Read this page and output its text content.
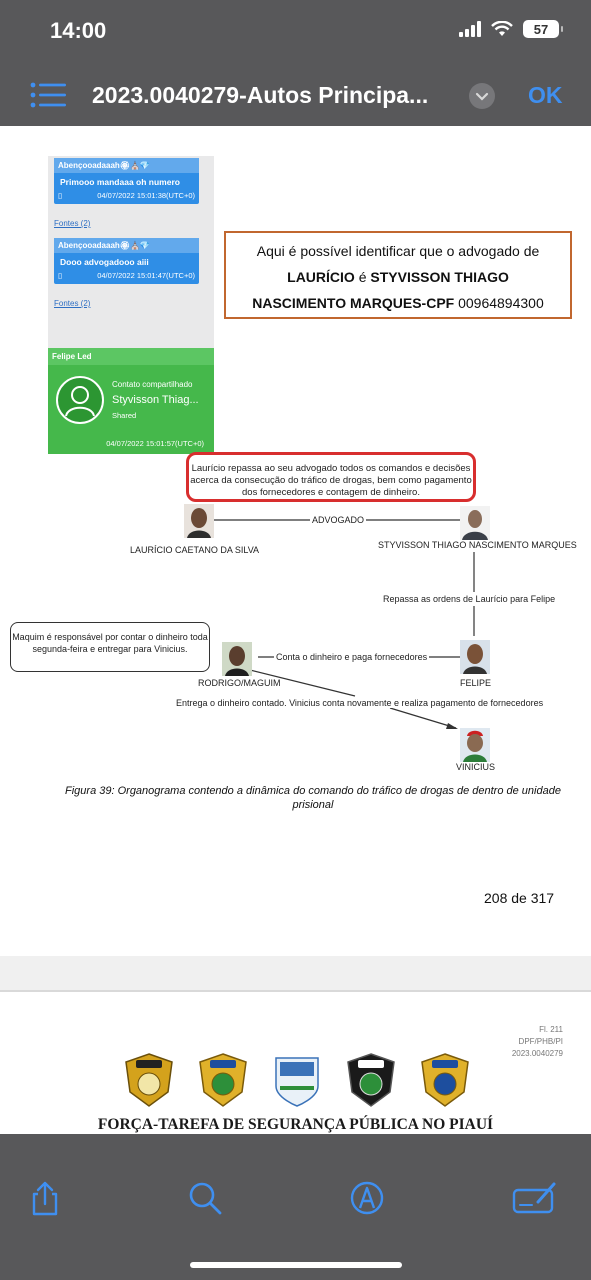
14:00	57
2023.0040279-Autos Principa...	OK
Abençooadaaah🏵⛪💎
Primooo mandaaa oh numero
▯	04/07/2022 15:01:38(UTC+0)
Fontes (2)
Abençooadaaah🏵⛪💎
Dooo advogadooo aiii
▯	04/07/2022 15:01:47(UTC+0)
Fontes (2)
Felipe Led
Contato compartilhado
Styvisson Thiag...
Shared
04/07/2022 15:01:57(UTC+0)
Aqui é possível identificar que o advogado de
LAURÍCIO é STYVISSON THIAGO
NASCIMENTO MARQUES-CPF 00964894300
Laurício repassa ao seu advogado todos os comandos e decisões acerca da consecução do tráfico de drogas, bem como pagamento dos fornecedores e contagem de dinheiro.
Maquim é responsável por contar o dinheiro toda segunda-feira e entregar para Vinicius.
LAURÍCIO CAETANO DA SILVA	STYVISSON THIAGO NASCIMENTO MARQUES
ADVOGADO
Repassa as ordens de Laurício para Felipe
Conta o dinheiro e paga fornecedores
RODRIGO/MAGUIM	FELIPE
Entrega o dinheiro contado. Vinicius conta novamente e realiza pagamento de fornecedores
VINICIUS
Figura 39: Organograma contendo a dinâmica do comando do tráfico de drogas de dentro de unidade prisional
208 de 317
Fl. 211
DPF/PHB/PI
2023.0040279
FORÇA-TAREFA DE SEGURANÇA PÚBLICA NO PIAUÍ
